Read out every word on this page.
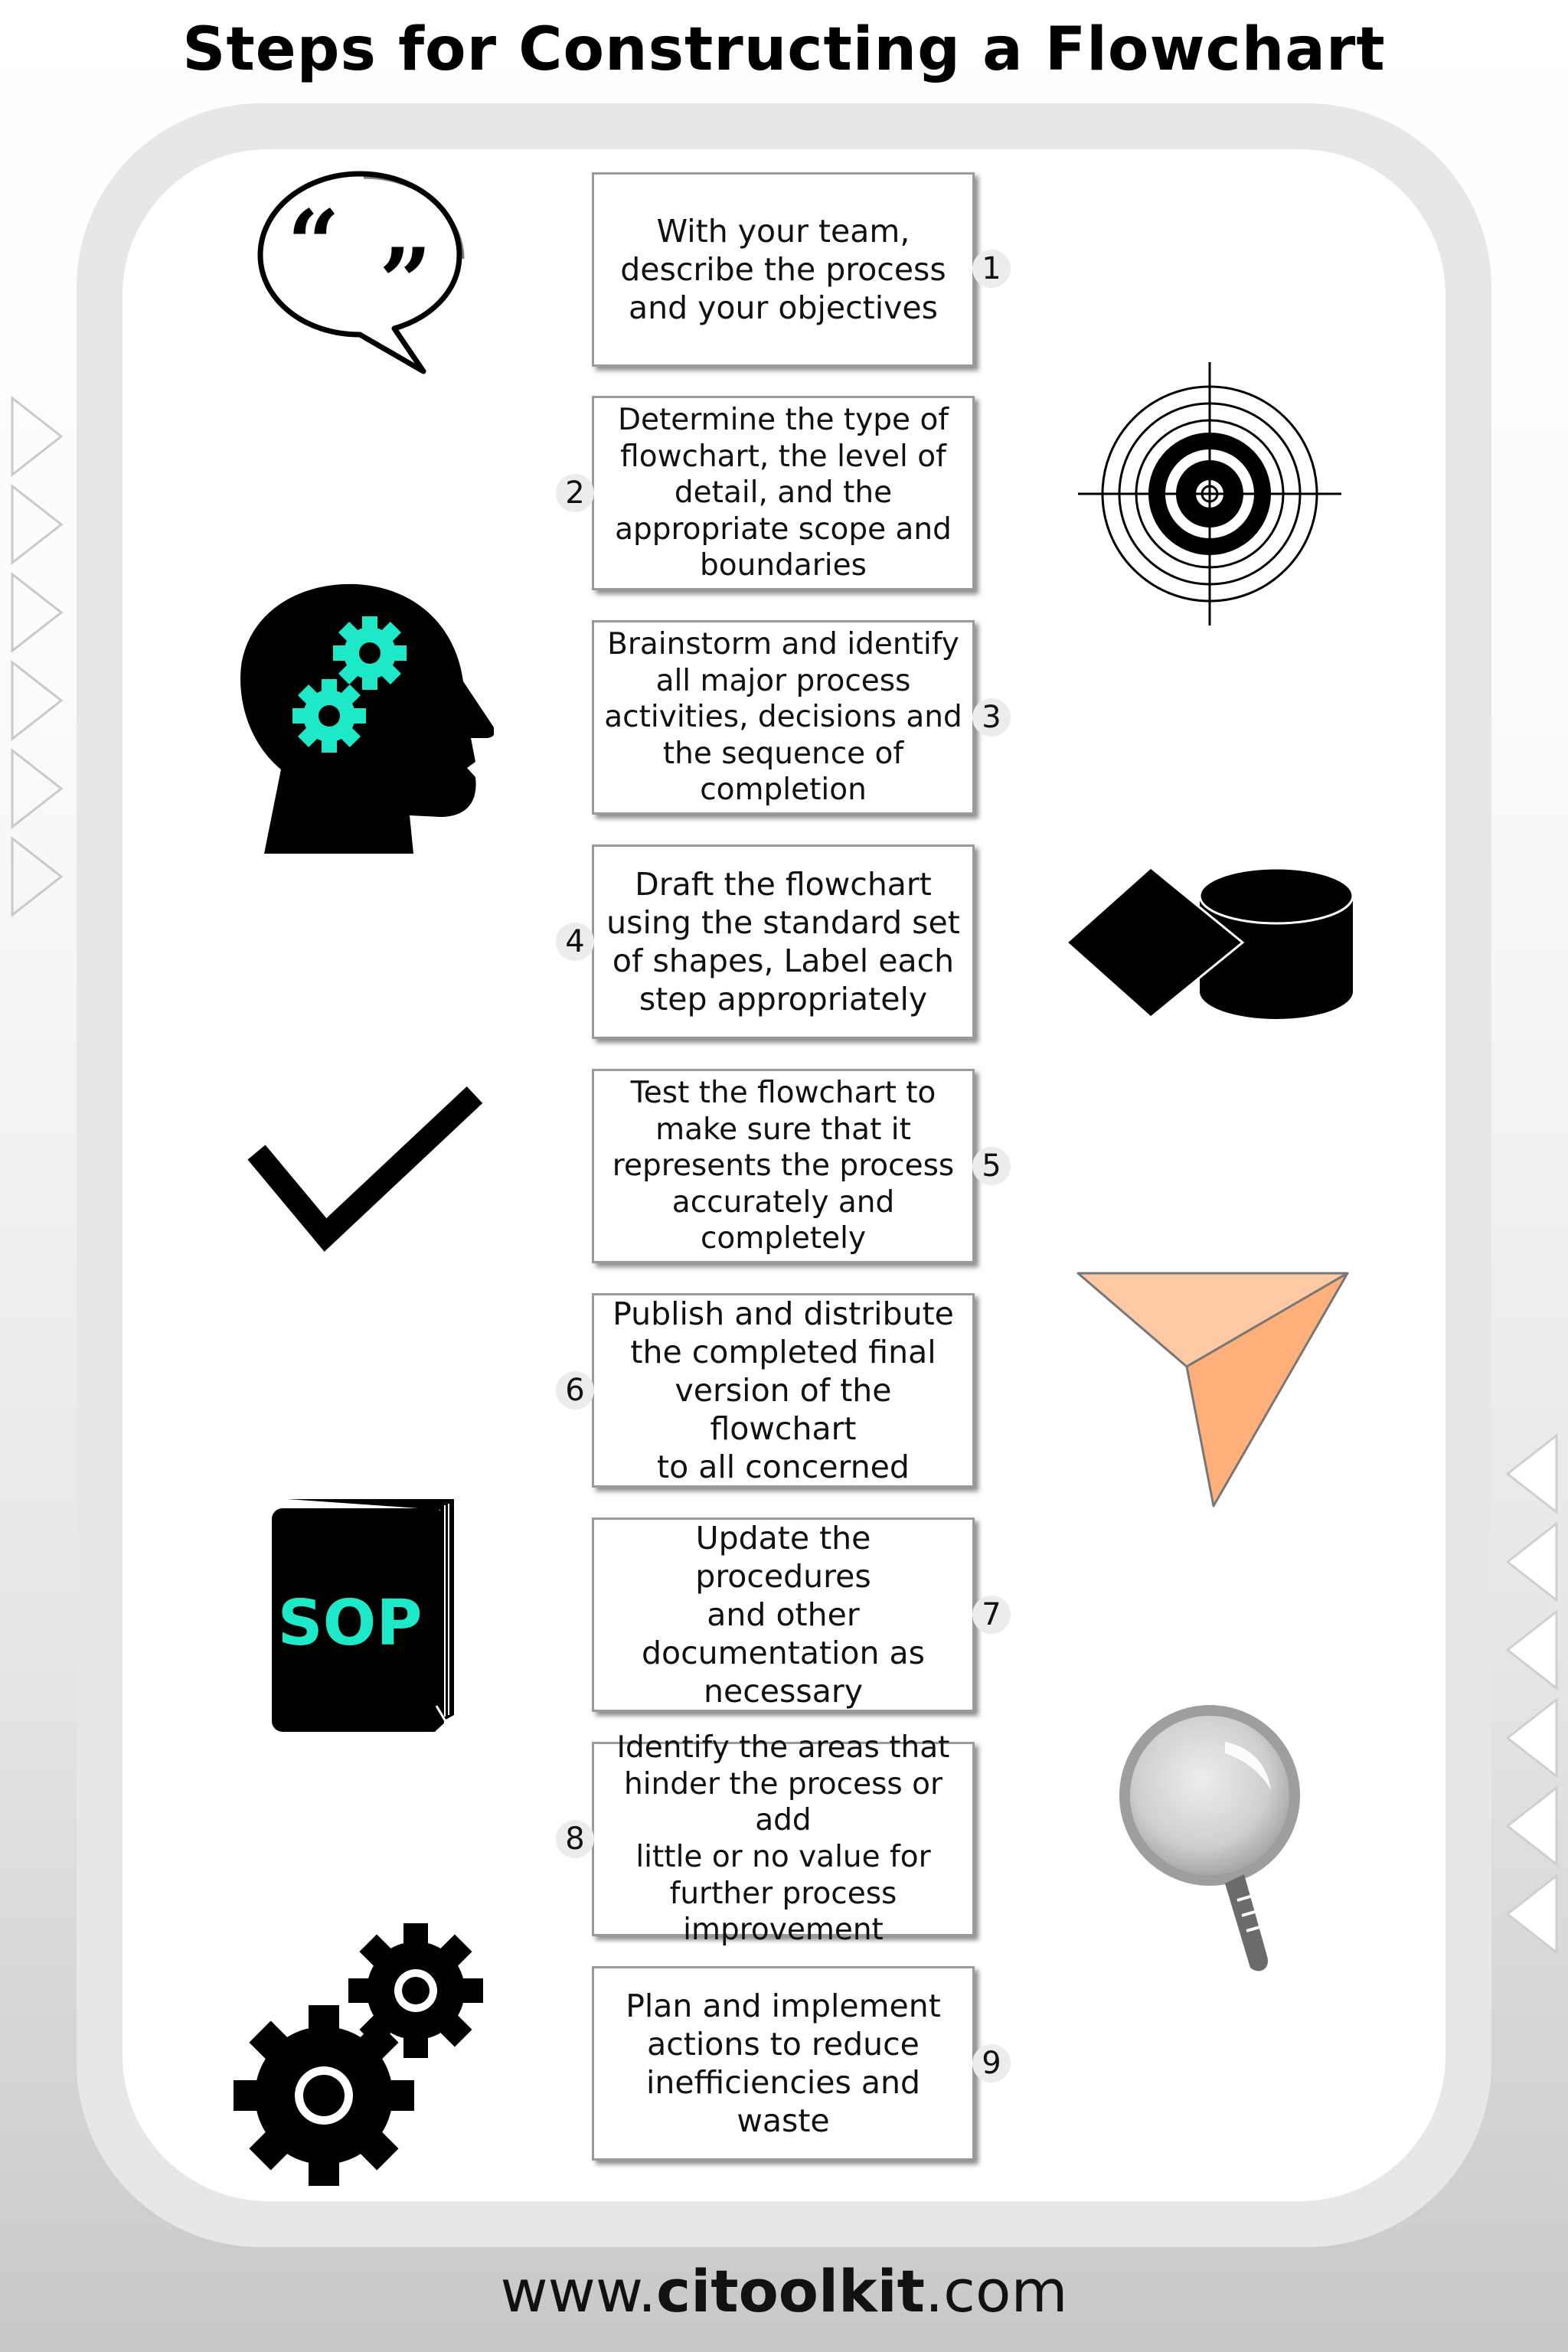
Steps for Constructing a Flowchart
With your team,
describe the process
and your objectives
1
Determine the type of
flowchart, the level of
detail, and the
appropriate scope and
boundaries
2
Brainstorm and identify
all major process
activities, decisions and
the sequence of
completion
3
Draft the flowchart
using the standard set
of shapes, Label each
step appropriately
4
Test the flowchart to
make sure that it
represents the process
accurately and
completely
5
Publish and distribute
the completed final
version of the flowchart
to all concerned
6
Update the procedures
and other
documentation as
necessary
7
Identify the areas that
hinder the process or add
little or no value for
further process
improvement
8
Plan and implement
actions to reduce
inefficiencies and waste
9
“ ”
SOP
www.citoolkit.com
